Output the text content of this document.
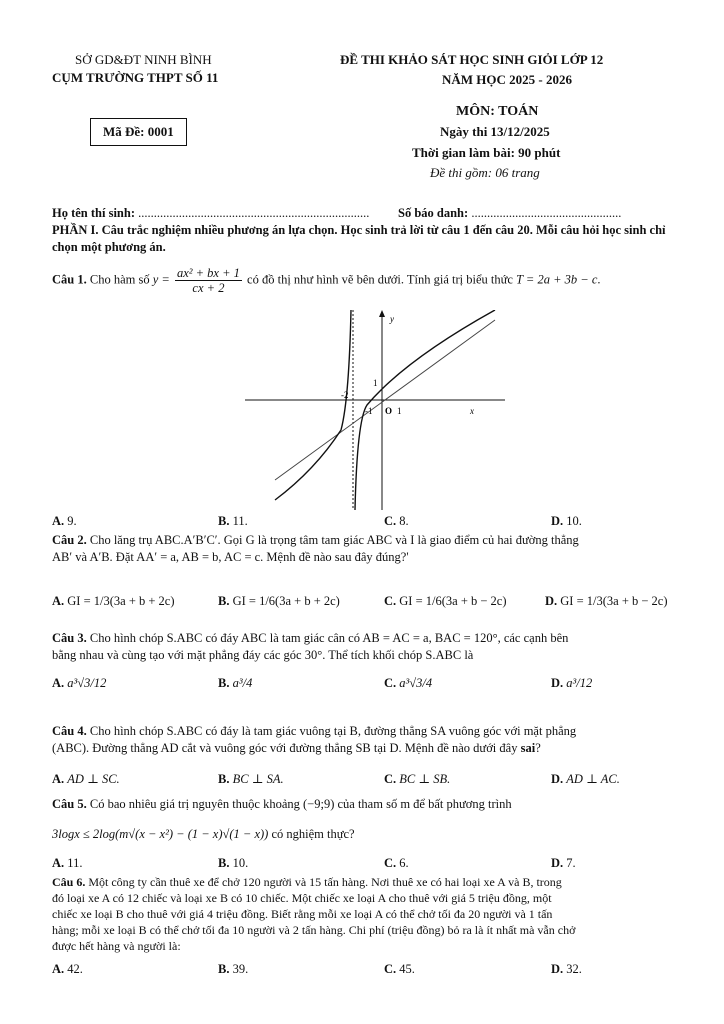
SỞ GD&ĐT NINH BÌNH
CỤM TRƯỜNG THPT SỐ 11
Mã Đề: 0001
ĐỀ THI KHẢO SÁT HỌC SINH GIỎI LỚP 12
NĂM HỌC 2025 - 2026
MÔN: TOÁN
Ngày thi 13/12/2025
Thời gian làm bài: 90 phút
Đề thi gồm: 06 trang
Họ tên thí sinh: .......................................................................... Số báo danh: ................................................
PHẦN I. Câu trắc nghiệm nhiều phương án lựa chọn. Học sinh trả lời từ câu 1 đến câu 20. Mỗi câu hỏi học sinh chỉ chọn một phương án.
Câu 1. Cho hàm số $y = \frac{\text{ax² + bx + 1}}{cx + 2}$ có đồ thị như hình vẽ bên dưới. Tính giá trị biểu thức T = 2a + 3b − c.
y
x
O 1
-1
-2
1
A. 9.	B. 11.	C. 8.	D. 10.
Câu 2. Cho lăng trụ ABC.A′B′C′. Gọi G là trọng tâm tam giác ABC và I là giao điểm củ hai đường thẳng
AB′ và A′B. Đặt AA′ = a, AB = b, AC = c. Mệnh đề nào sau đây đúng?'
A. GI = 1/3(3a + b + 2c)	B. GI = 1/6(3a + b + 2c)	C. GI = 1/6(3a + b − 2c)	D. GI = 1/3(3a + b − 2c)
Câu 3. Cho hình chóp S.ABC có đáy ABC là tam giác cân có AB = AC = a, BAC = 120°, các cạnh bên
bằng nhau và cùng tạo với mặt phẳng đáy các góc 30°. Thể tích khối chóp S.ABC là
A. a³√3/12	B. a³/4	C. a³√3/4	D. a³/12
Câu 4. Cho hình chóp S.ABC có đáy là tam giác vuông tại B, đường thẳng SA vuông góc với mặt phẳng
(ABC). Đường thẳng AD cắt và vuông góc với đường thẳng SB tại D. Mệnh đề nào dưới đây sai?
A. AD ⊥ SC.	B. BC ⊥ SA.	C. BC ⊥ SB.	D. AD ⊥ AC.
Câu 5. Có bao nhiêu giá trị nguyên thuộc khoảng (−9;9) của tham số m để bất phương trình
3logx ≤ 2log(m√(x − x²) − (1 − x)√(1 − x)) có nghiệm thực?
A. 11.	B. 10.	C. 6.	D. 7.
Câu 6. Một công ty cần thuê xe để chở 120 người và 15 tấn hàng. Nơi thuê xe có hai loại xe A và B, trong
đó loại xe A có 12 chiếc và loại xe B có 10 chiếc. Một chiếc xe loại A cho thuê với giá 5 triệu đồng, một
chiếc xe loại B cho thuê với giá 4 triệu đồng. Biết rằng mỗi xe loại A có thể chở tối đa 20 người và 1 tấn
hàng; mỗi xe loại B có thể chở tối đa 10 người và 2 tấn hàng. Chi phí (triệu đồng) bỏ ra là ít nhất mà vẫn chở
được hết hàng và người là:
A. 42.	B. 39.	C. 45.	D. 32.
